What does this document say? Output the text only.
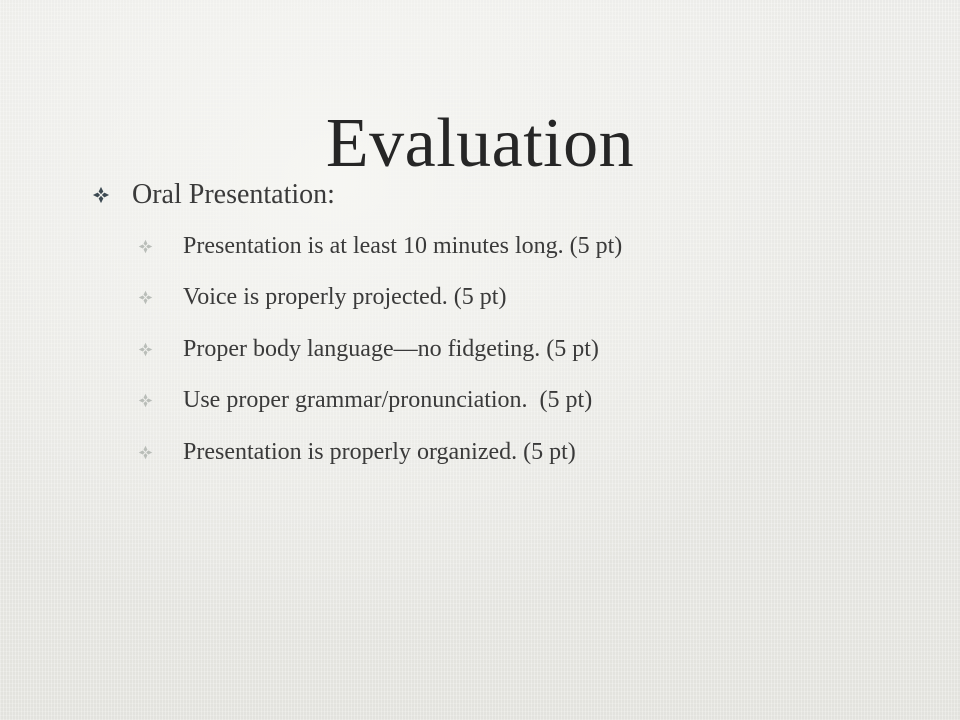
Evaluation
Oral Presentation:
Presentation is at least 10 minutes long. (5 pt)
Voice is properly projected. (5 pt)
Proper body language—no fidgeting. (5 pt)
Use proper grammar/pronunciation.  (5 pt)
Presentation is properly organized. (5 pt)
